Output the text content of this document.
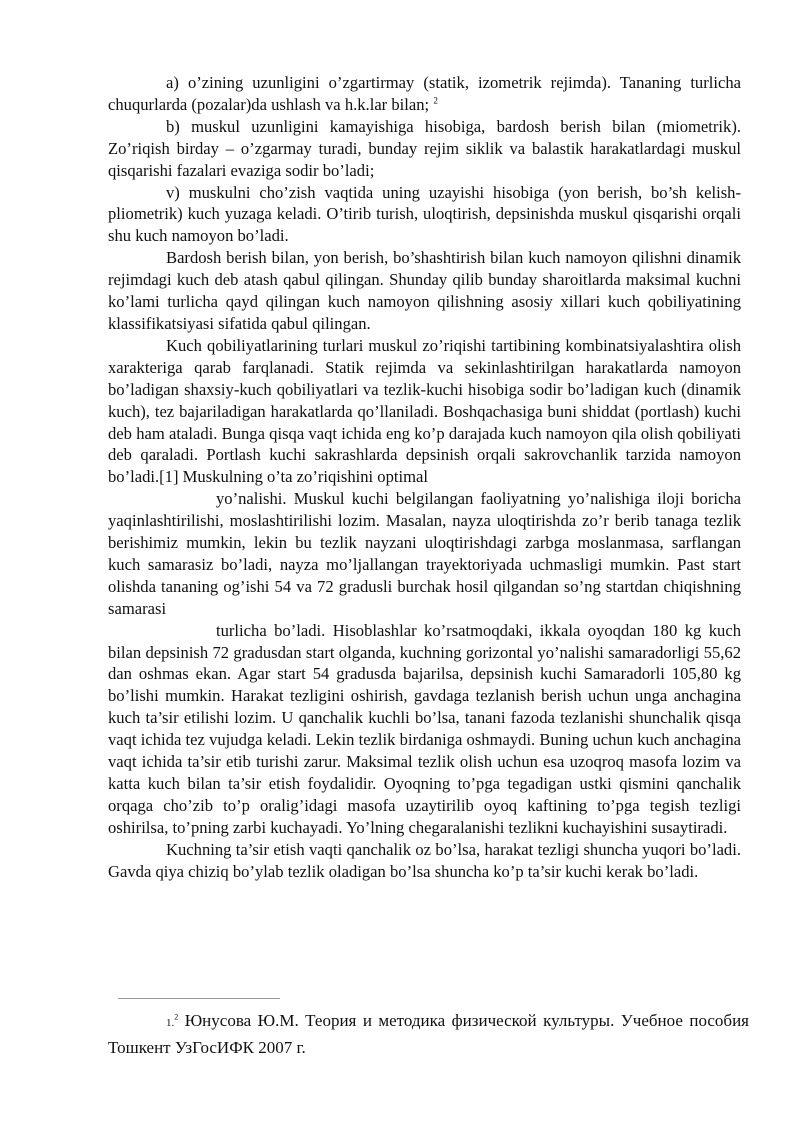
a) o’zining uzunligini o’zgartirmay (statik, izometrik rejimda). Tananing turlicha chuqurlarda (pozalar)da ushlash va h.k.lar bilan; $^2$

b) muskul uzunligini kamayishiga hisobiga, bardosh berish bilan (miometrik). Zo’riqish birday – o’zgarmay turadi, bunday rejim siklik va balastik harakatlardagi muskul qisqarishi fazalari evaziga sodir bo’ladi;

v) muskulni cho’zish vaqtida uning uzayishi hisobiga (yon berish, bo’sh kelish- pliometrik) kuch yuzaga keladi. O’tirib turish, uloqtirish, depsinishda muskul qisqarishi orqali shu kuch namoyon bo’ladi.

Bardosh berish bilan, yon berish, bo’shashtirish bilan kuch namoyon qilishni dinamik rejimdagi kuch deb atash qabul qilingan. Shunday qilib bunday sharoitlarda maksimal kuchni ko’lami turlicha qayd qilingan kuch namoyon qilishning asosiy xillari kuch qobiliyatining klassifikatsiyasi sifatida qabul qilingan.

Kuch qobiliyatlarining turlari muskul zo’riqishi tartibining kombinatsiyalashtira olish xarakteriga qarab farqlanadi. Statik rejimda va sekinlashtirilgan harakatlarda namoyon bo’ladigan shaxsiy-kuch qobiliyatlari va tezlik-kuchi hisobiga sodir bo’ladigan kuch (dinamik kuch), tez bajariladigan harakatlarda qo’llaniladi. Boshqachasiga buni shiddat (portlash) kuchi deb ham ataladi. Bunga qisqa vaqt ichida eng ko’p darajada kuch namoyon qila olish qobiliyati deb qaraladi. Portlash kuchi sakrashlarda depsinish orqali sakrovchanlik tarzida namoyon bo’ladi.[1] Muskulning o’ta zo’riqishini optimal
yo’nalishi. Muskul kuchi belgilangan faoliyatning yo’nalishiga iloji boricha yaqinlashtirilishi, moslashtirilishi lozim. Masalan, nayza uloqtirishda zo’r berib tanaga tezlik berishimiz mumkin, lekin bu tezlik nayzani uloqtirishdagi zarbga moslanmasa, sarflangan kuch samarasiz bo’ladi, nayza mo’ljallangan trayektoriyada uchmasligi mumkin. Past start olishda tananing og’ishi 54 va 72 gradusli burchak hosil qilgandan so’ng startdan chiqishning samarasi
turlicha bo’ladi. Hisoblashlar ko’rsatmoqdaki, ikkala oyoqdan 180 kg kuch bilan depsinish 72 gradusdan start olganda, kuchning gorizontal yo’nalishi samaradorligi 55,62 dan oshmas ekan. Agar start 54 gradusda bajarilsa, depsinish kuchi Samaradorli 105,80 kg bo’lishi mumkin. Harakat tezligini oshirish, gavdaga tezlanish berish uchun unga anchagina kuch ta’sir etilishi lozim. U qanchalik kuchli bo’lsa, tanani fazoda tezlanishi shunchalik qisqa vaqt ichida tez vujudga keladi. Lekin tezlik birdaniga oshmaydi. Buning uchun kuch anchagina vaqt ichida ta’sir etib turishi zarur. Maksimal tezlik olish uchun esa uzoqroq masofa lozim va katta kuch bilan ta’sir etish foydalidir. Oyoqning to’pga tegadigan ustki qismini qanchalik orqaga cho’zib to’p oralig’idagi masofa uzaytirilib oyoq kaftining to’pga tegish tezligi oshirilsa, to’pning zarbi kuchayadi. Yo’lning chegaralanishi tezlikni kuchayishini susaytiradi.

Kuchning ta’sir etish vaqti qanchalik oz bo’lsa, harakat tezligi shuncha yuqori bo’ladi. Gavda qiya chiziq bo’ylab tezlik oladigan bo’lsa shuncha ko’p ta’sir kuchi kerak bo’ladi.

1.$^2$ Юнусова Ю.М. Теория и методика физической культуры. Учебное пособия Тошкент УзГосИФК 2007 г.
